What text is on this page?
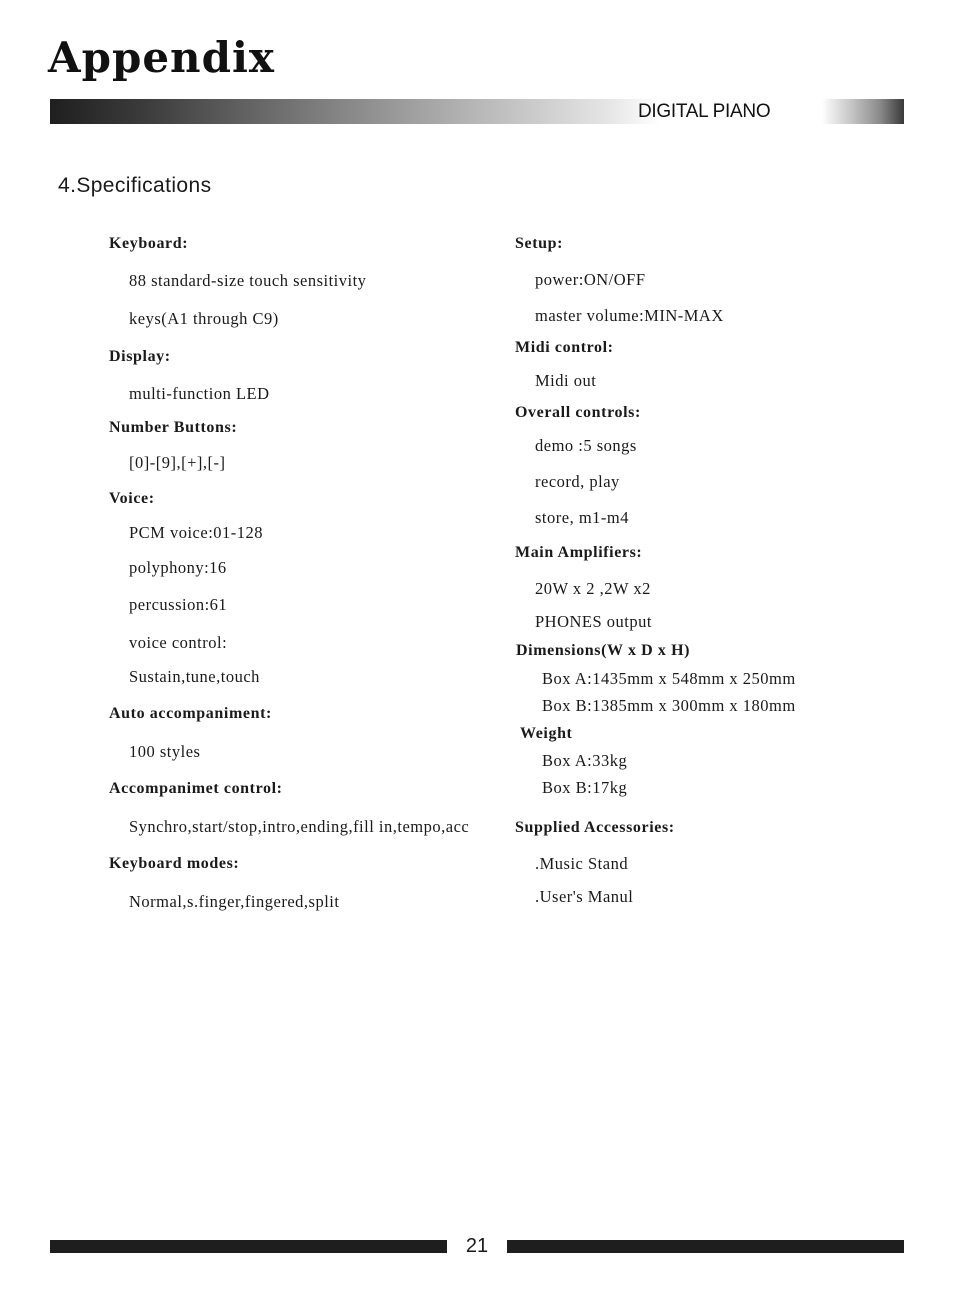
Appendix
DIGITAL PIANO
4.Specifications
Keyboard:
88 standard-size touch sensitivity
keys(A1 through C9)
Display:
multi-function LED
Number Buttons:
[0]-[9],[+],[-]
Voice:
PCM voice:01-128
polyphony:16
percussion:61
voice control:
Sustain,tune,touch
Auto accompaniment:
100 styles
Accompanimet control:
Synchro,start/stop,intro,ending,fill in,tempo,acc
Keyboard modes:
Normal,s.finger,fingered,split
Setup:
power:ON/OFF
master volume:MIN-MAX
Midi control:
Midi out
Overall controls:
demo :5 songs
record, play
store, m1-m4
Main Amplifiers:
20W x 2 ,2W x2
PHONES output
Dimensions(W x D x H)
Box A:1435mm x 548mm x 250mm
Box B:1385mm x 300mm x 180mm
Weight
Box A:33kg
Box B:17kg
Supplied Accessories:
.Music Stand
.User's Manul
21
